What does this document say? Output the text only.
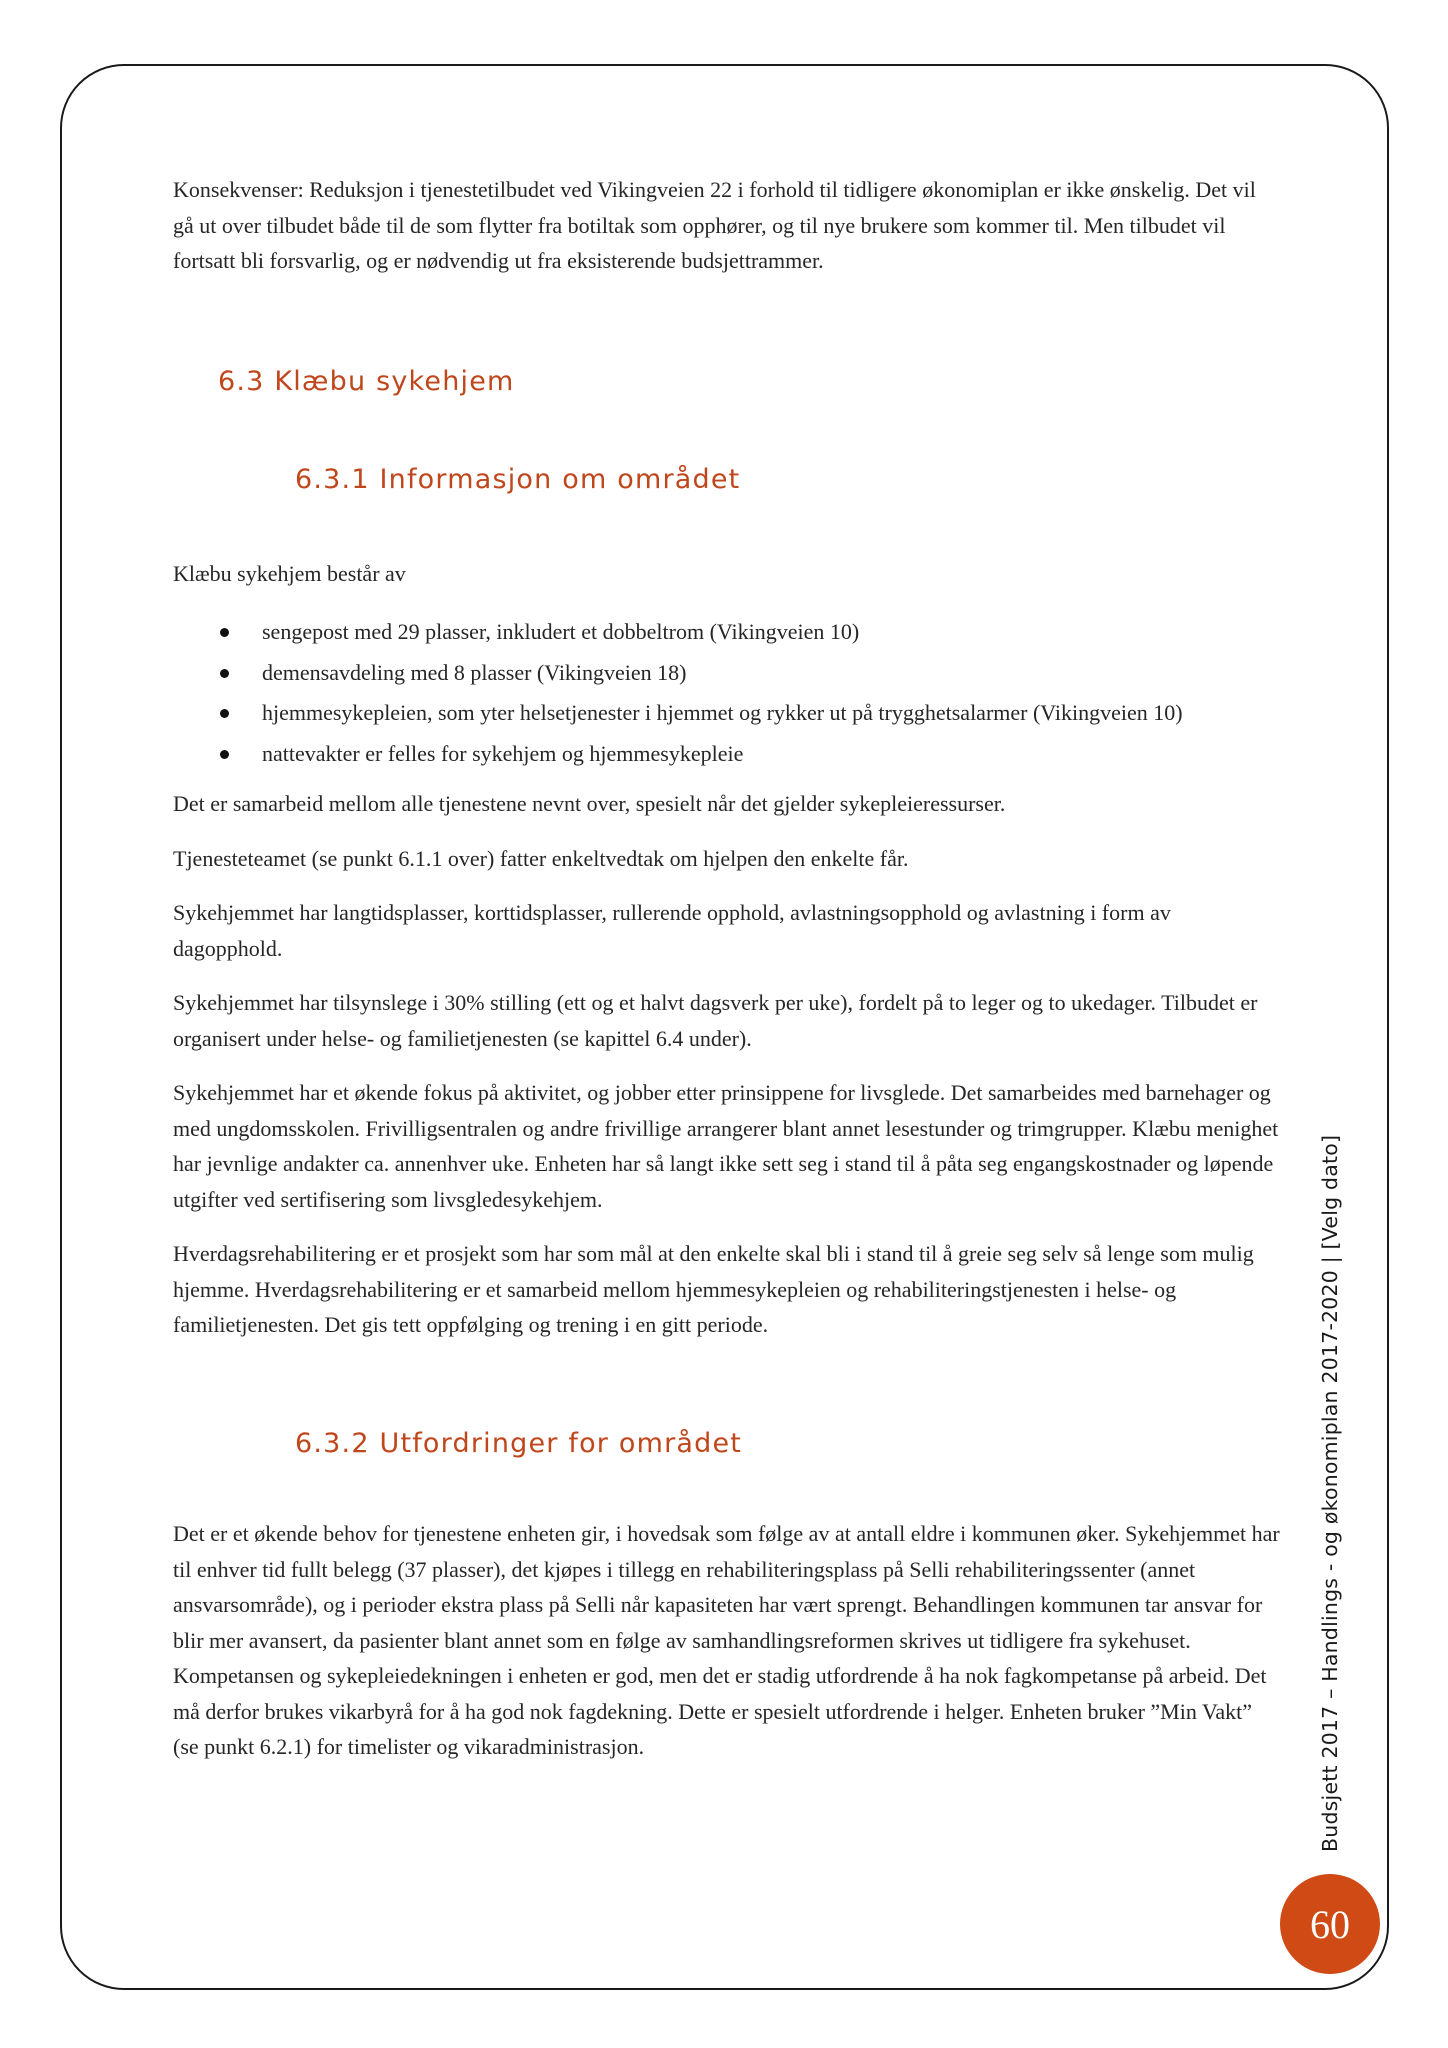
Konsekvenser: Reduksjon i tjenestetilbudet ved Vikingveien 22 i forhold til tidligere økonomiplan er ikke ønskelig. Det vil gå ut over tilbudet både til de som flytter fra botiltak som opphører, og til nye brukere som kommer til. Men tilbudet vil fortsatt bli forsvarlig, og er nødvendig ut fra eksisterende budsjettrammer.

6.3 Klæbu sykehjem
6.3.1 Informasjon om området

Klæbu sykehjem består av

sengepost med 29 plasser, inkludert et dobbeltrom (Vikingveien 10)
demensavdeling med 8 plasser (Vikingveien 18)
hjemmesykepleien, som yter helsetjenester i hjemmet og rykker ut på trygghetsalarmer (Vikingveien 10)
nattevakter er felles for sykehjem og hjemmesykepleie

Det er samarbeid mellom alle tjenestene nevnt over, spesielt når det gjelder sykepleieressurser.

Tjenesteteamet (se punkt 6.1.1 over) fatter enkeltvedtak om hjelpen den enkelte får.

Sykehjemmet har langtidsplasser, korttidsplasser, rullerende opphold, avlastningsopphold og avlastning i form av dagopphold.

Sykehjemmet har tilsynslege i 30% stilling (ett og et halvt dagsverk per uke), fordelt på to leger og to ukedager. Tilbudet er organisert under helse- og familietjenesten (se kapittel 6.4 under).

Sykehjemmet har et økende fokus på aktivitet, og jobber etter prinsippene for livsglede. Det samarbeides med barnehager og med ungdomsskolen. Frivilligsentralen og andre frivillige arrangerer blant annet lesestunder og trimgrupper. Klæbu menighet har jevnlige andakter ca. annenhver uke. Enheten har så langt ikke sett seg i stand til å påta seg engangskostnader og løpende utgifter ved sertifisering som livsgledesykehjem.

Hverdagsrehabilitering er et prosjekt som har som mål at den enkelte skal bli i stand til å greie seg selv så lenge som mulig hjemme. Hverdagsrehabilitering er et samarbeid mellom hjemmesykepleien og rehabiliteringstjenesten i helse- og familietjenesten. Det gis tett oppfølging og trening i en gitt periode.

6.3.2 Utfordringer for området

Det er et økende behov for tjenestene enheten gir, i hovedsak som følge av at antall eldre i kommunen øker. Sykehjemmet har til enhver tid fullt belegg (37 plasser), det kjøpes i tillegg en rehabiliteringsplass på Selli rehabiliteringssenter (annet ansvarsområde), og i perioder ekstra plass på Selli når kapasiteten har vært sprengt. Behandlingen kommunen tar ansvar for blir mer avansert, da pasienter blant annet som en følge av samhandlingsreformen skrives ut tidligere fra sykehuset. Kompetansen og sykepleiedekningen i enheten er god, men det er stadig utfordrende å ha nok fagkompetanse på arbeid. Det må derfor brukes vikarbyrå for å ha god nok fagdekning. Dette er spesielt utfordrende i helger. Enheten bruker ”Min Vakt” (se punkt 6.2.1) for timelister og vikaradministrasjon.	Budsjett 2017 – Handlings - og økonomiplan 2017-2020 | [Velg dato]
60
